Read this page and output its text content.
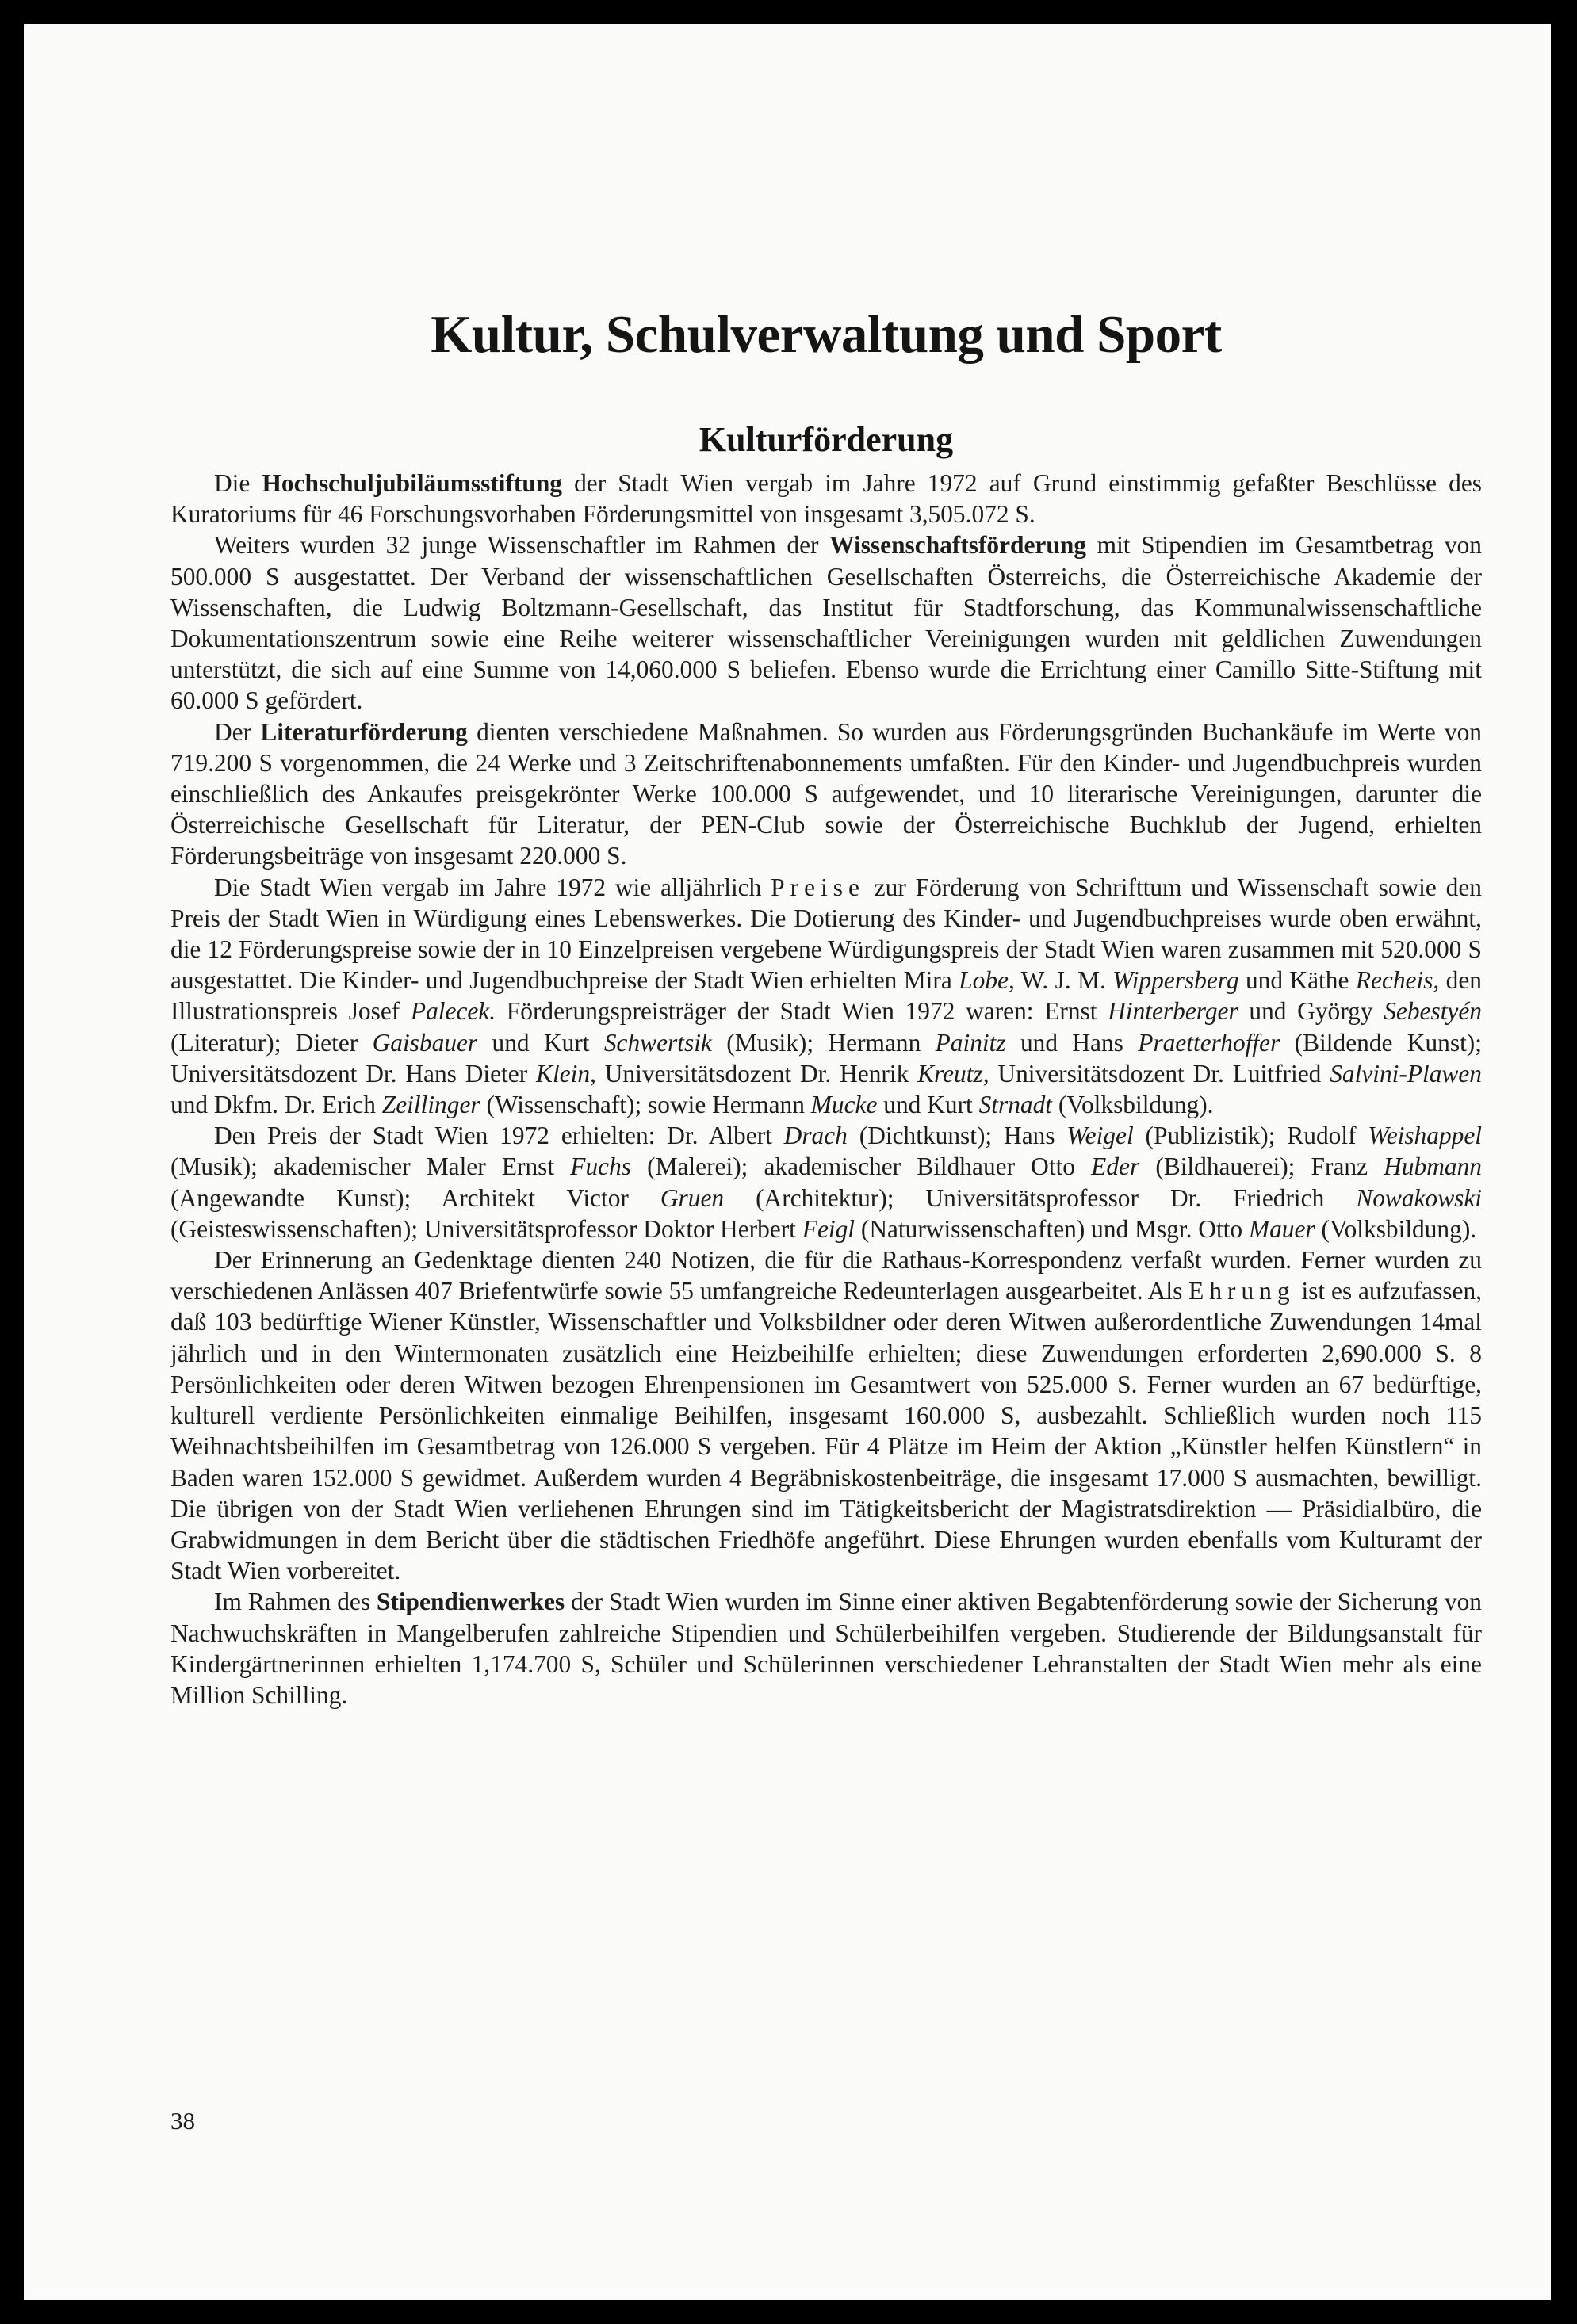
Kultur, Schulverwaltung und Sport
Kulturförderung

Die Hochschuljubiläumsstiftung der Stadt Wien vergab im Jahre 1972 auf Grund einstimmig gefaßter Beschlüsse des Kuratoriums für 46 Forschungsvorhaben Förderungsmittel von insgesamt 3,505.072 S.

Weiters wurden 32 junge Wissenschaftler im Rahmen der Wissenschaftsförderung mit Stipendien im Gesamtbetrag von 500.000 S ausgestattet. Der Verband der wissenschaftlichen Gesellschaften Österreichs, die Österreichische Akademie der Wissenschaften, die Ludwig Boltzmann-Gesellschaft, das Institut für Stadtforschung, das Kommunalwissenschaftliche Dokumentationszentrum sowie eine Reihe weiterer wissenschaftlicher Vereinigungen wurden mit geldlichen Zuwendungen unterstützt, die sich auf eine Summe von 14,060.000 S beliefen. Ebenso wurde die Errichtung einer Camillo Sitte-Stiftung mit 60.000 S gefördert.

Der Literaturförderung dienten verschiedene Maßnahmen. So wurden aus Förderungsgründen Buchankäufe im Werte von 719.200 S vorgenommen, die 24 Werke und 3 Zeitschriftenabonnements umfaßten. Für den Kinder- und Jugendbuchpreis wurden einschließlich des Ankaufes preisgekrönter Werke 100.000 S aufgewendet, und 10 literarische Vereinigungen, darunter die Österreichische Gesellschaft für Literatur, der PEN-Club sowie der Österreichische Buchklub der Jugend, erhielten Förderungsbeiträge von insgesamt 220.000 S.

Die Stadt Wien vergab im Jahre 1972 wie alljährlich Preise zur Förderung von Schrifttum und Wissenschaft sowie den Preis der Stadt Wien in Würdigung eines Lebenswerkes. Die Dotierung des Kinder- und Jugendbuchpreises wurde oben erwähnt, die 12 Förderungspreise sowie der in 10 Einzelpreisen vergebene Würdigungspreis der Stadt Wien waren zusammen mit 520.000 S ausgestattet. Die Kinder- und Jugendbuchpreise der Stadt Wien erhielten Mira Lobe, W. J. M. Wippersberg und Käthe Recheis, den Illustrationspreis Josef Palecek. Förderungspreisträger der Stadt Wien 1972 waren: Ernst Hinterberger und György Sebestyén (Literatur); Dieter Gaisbauer und Kurt Schwertsik (Musik); Hermann Painitz und Hans Praetterhoffer (Bildende Kunst); Universitätsdozent Dr. Hans Dieter Klein, Universitätsdozent Dr. Henrik Kreutz, Universitätsdozent Dr. Luitfried Salvini-Plawen und Dkfm. Dr. Erich Zeillinger (Wissenschaft); sowie Hermann Mucke und Kurt Strnadt (Volksbildung).

Den Preis der Stadt Wien 1972 erhielten: Dr. Albert Drach (Dichtkunst); Hans Weigel (Publizistik); Rudolf Weishappel (Musik); akademischer Maler Ernst Fuchs (Malerei); akademischer Bildhauer Otto Eder (Bildhauerei); Franz Hubmann (Angewandte Kunst); Architekt Victor Gruen (Architektur); Universitätsprofessor Dr. Friedrich Nowakowski (Geisteswissenschaften); Universitätsprofessor Doktor Herbert Feigl (Naturwissenschaften) und Msgr. Otto Mauer (Volksbildung).

Der Erinnerung an Gedenktage dienten 240 Notizen, die für die Rathaus-Korrespondenz verfaßt wurden. Ferner wurden zu verschiedenen Anlässen 407 Briefentwürfe sowie 55 umfangreiche Redeunterlagen ausgearbeitet. Als Ehrung ist es aufzufassen, daß 103 bedürftige Wiener Künstler, Wissenschaftler und Volksbildner oder deren Witwen außerordentliche Zuwendungen 14mal jährlich und in den Wintermonaten zusätzlich eine Heizbeihilfe erhielten; diese Zuwendungen erforderten 2,690.000 S. 8 Persönlichkeiten oder deren Witwen bezogen Ehrenpensionen im Gesamtwert von 525.000 S. Ferner wurden an 67 bedürftige, kulturell verdiente Persönlichkeiten einmalige Beihilfen, insgesamt 160.000 S, ausbezahlt. Schließlich wurden noch 115 Weihnachtsbeihilfen im Gesamtbetrag von 126.000 S vergeben. Für 4 Plätze im Heim der Aktion „Künstler helfen Künstlern“ in Baden waren 152.000 S gewidmet. Außerdem wurden 4 Begräbniskostenbeiträge, die insgesamt 17.000 S ausmachten, bewilligt. Die übrigen von der Stadt Wien verliehenen Ehrungen sind im Tätigkeitsbericht der Magistratsdirektion — Präsidialbüro, die Grabwidmungen in dem Bericht über die städtischen Friedhöfe angeführt. Diese Ehrungen wurden ebenfalls vom Kulturamt der Stadt Wien vorbereitet.

Im Rahmen des Stipendienwerkes der Stadt Wien wurden im Sinne einer aktiven Begabtenförderung sowie der Sicherung von Nachwuchskräften in Mangelberufen zahlreiche Stipendien und Schülerbeihilfen vergeben. Studierende der Bildungsanstalt für Kindergärtnerinnen erhielten 1,174.700 S, Schüler und Schülerinnen verschiedener Lehranstalten der Stadt Wien mehr als eine Million Schilling.

38
